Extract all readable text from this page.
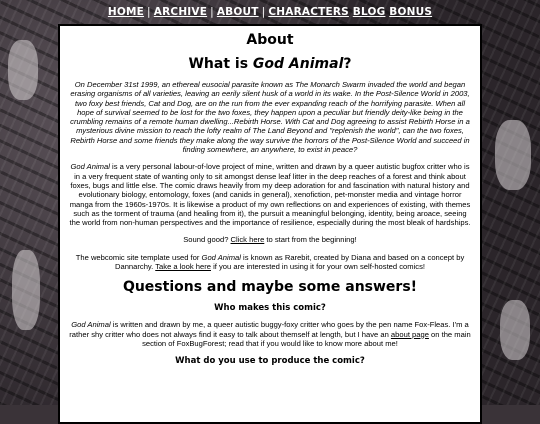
HOME | ARCHIVE | ABOUT | CHARACTERS BLOG BONUS
About
What is God Animal?

On December 31st 1999, an ethereal eusocial parasite known as The Monarch Swarm invaded the world and began erasing organisms of all varieties, leaving an eerily silent husk of a world in its wake. In the Post-Silence World in 2003, two foxy best friends, Cat and Dog, are on the run from the ever expanding reach of the horrifying parasite. When all hope of survival seemed to be lost for the two foxes, they happen upon a peculiar but friendly deity-like being in the crumbling remains of a remote human dwelling...Rebirth Horse. With Cat and Dog agreeing to assist Rebirth Horse in a mysterious divine mission to reach the lofty realm of The Land Beyond and "replenish the world", can the two foxes, Rebirth Horse and some friends they make along the way survive the horrors of the Post-Silence World and succeed in finding somewhere, an anywhere, to exist in peace?

God Animal is a very personal labour-of-love project of mine, written and drawn by a queer autistic bugfox critter who is in a very frequent state of wanting only to sit amongst dense leaf litter in the deep reaches of a forest and think about foxes, bugs and little else. The comic draws heavily from my deep adoration for and fascination with natural history and evolutionary biology, entomology, foxes (and canids in general), xenofiction, pet-monster media and vintage horror manga from the 1960s-1970s. It is likewise a product of my own reflections on and experiences of existing, with themes such as the torment of trauma (and healing from it), the pursuit a meaningful belonging, identity, being aroace, seeing the world from non-human perspectives and the importance of resilience, especially during the most bleak of hardships.

Sound good? Click here to start from the beginning!

The webcomic site template used for God Animal is known as Rarebit, created by Diana and based on a concept by Dannarchy. Take a look here if you are interested in using it for your own self-hosted comics!

Questions and maybe some answers!
Who makes this comic?

God Animal is written and drawn by me, a queer autistic buggy-foxy critter who goes by the pen name Fox-Fleas. I'm a rather shy critter who does not always find it easy to talk about themself at length, but I have an about page on the main section of FoxBugForest; read that if you would like to know more about me!

What do you use to produce the comic?
